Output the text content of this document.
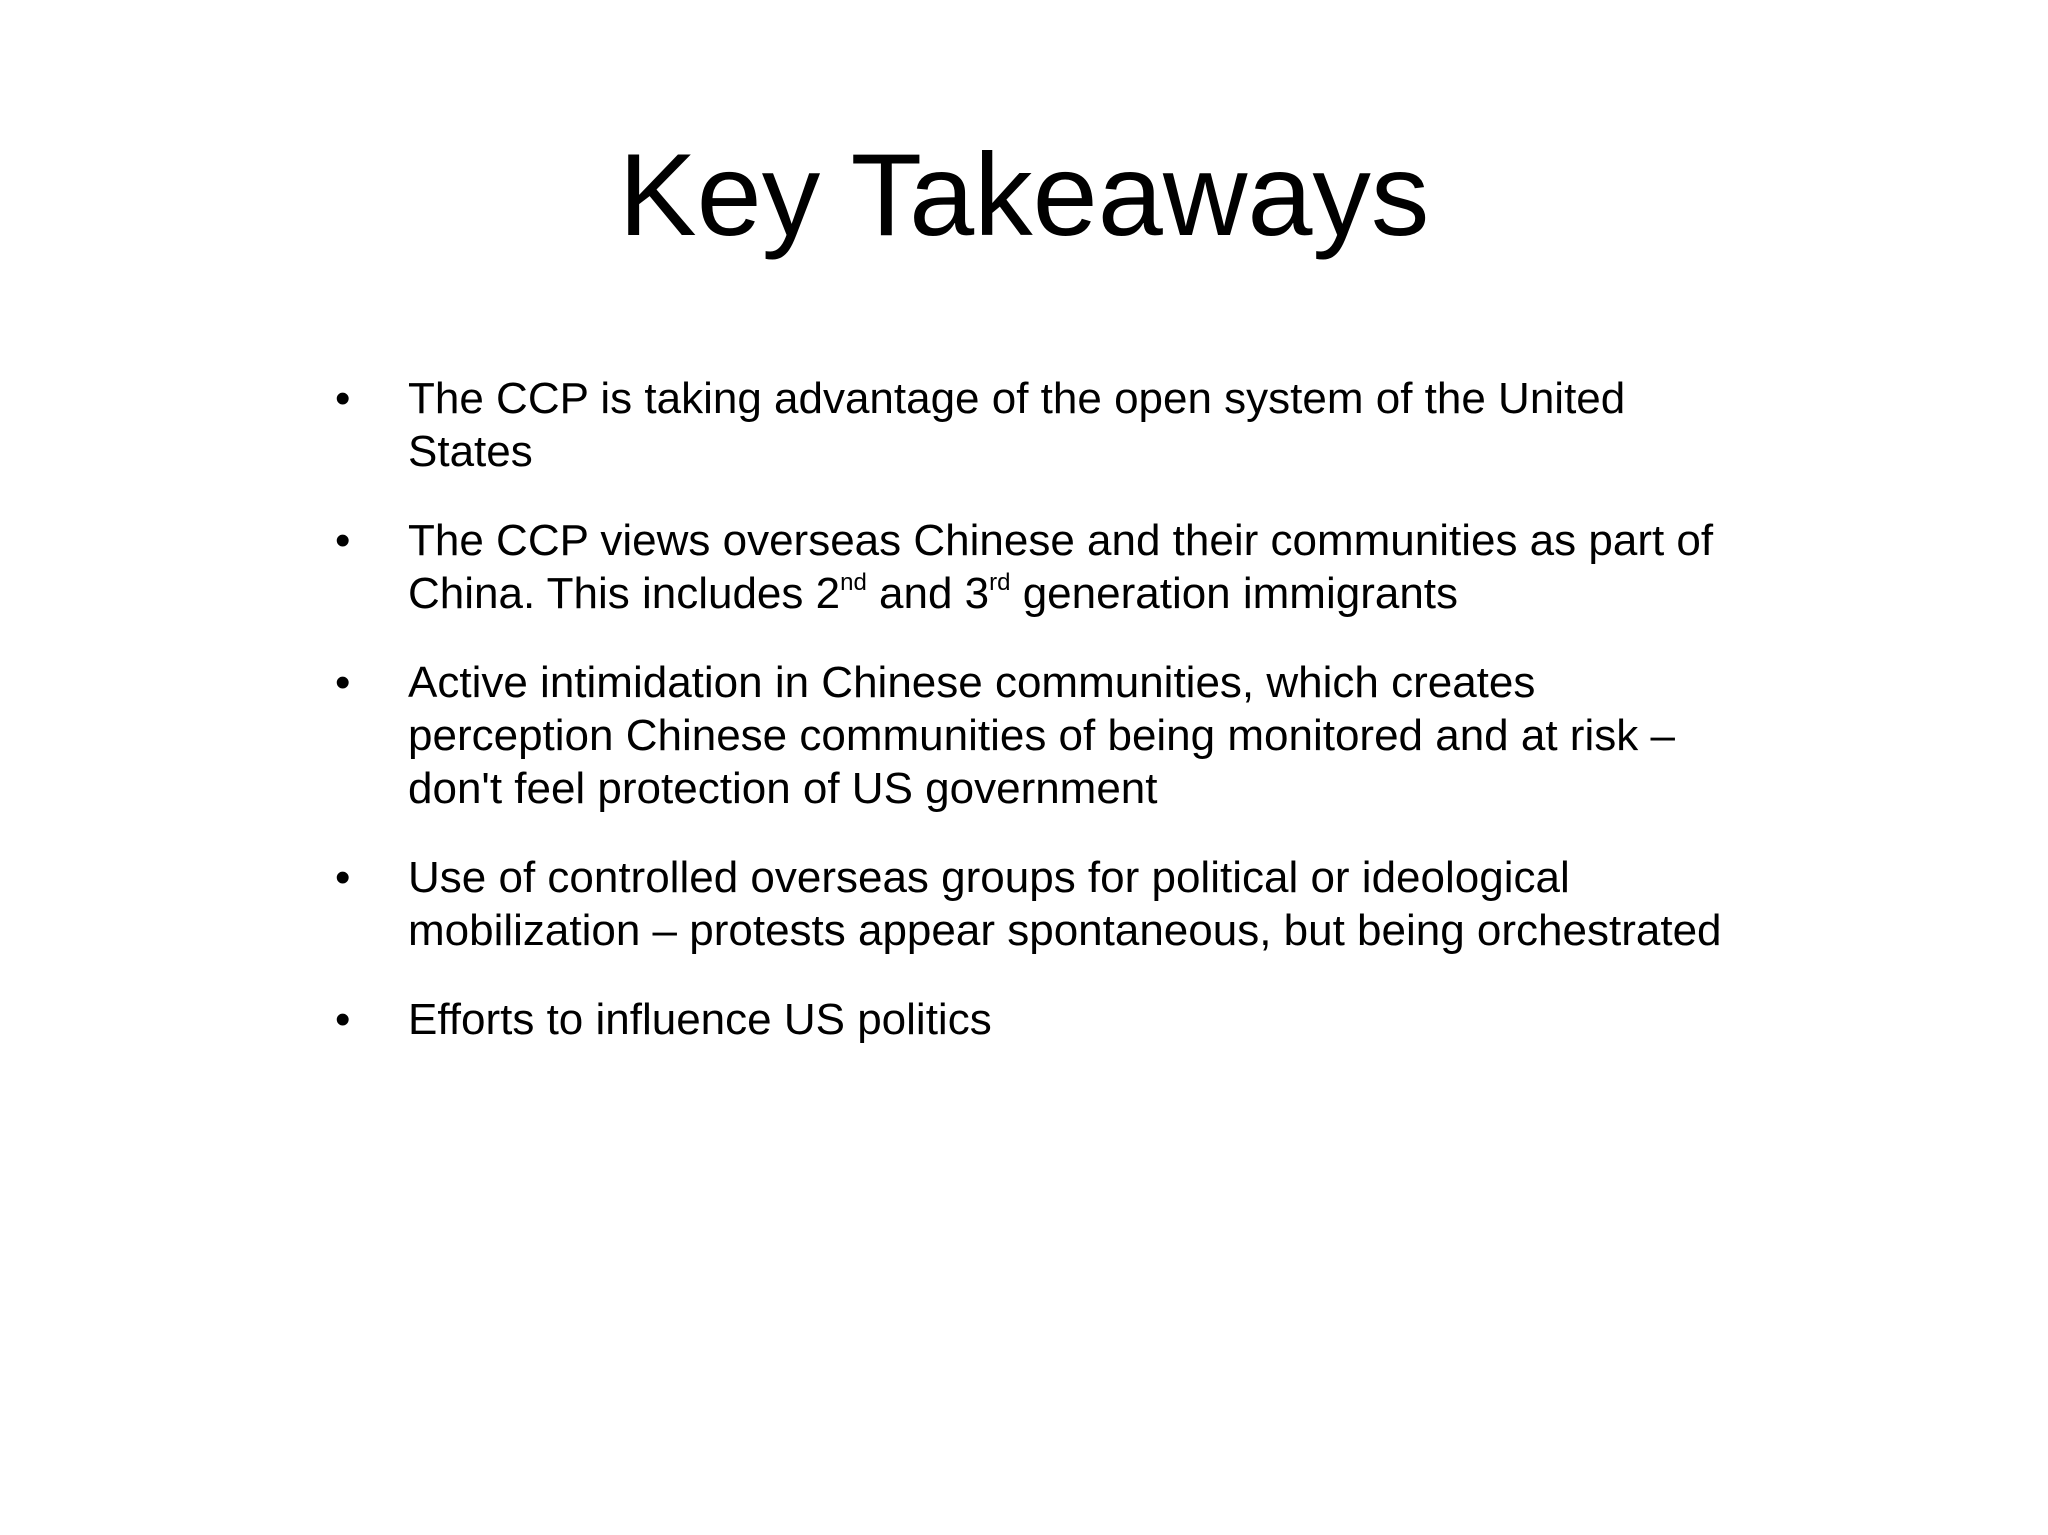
Key Takeaways
• The CCP is taking advantage of the open system of the United States
• The CCP views overseas Chinese and their communities as part of China. This includes 2nd and 3rd generation immigrants
• Active intimidation in Chinese communities, which creates perception Chinese communities of being monitored and at risk – don't feel protection of US government
• Use of controlled overseas groups for political or ideological mobilization – protests appear spontaneous, but being orchestrated
• Efforts to influence US politics
